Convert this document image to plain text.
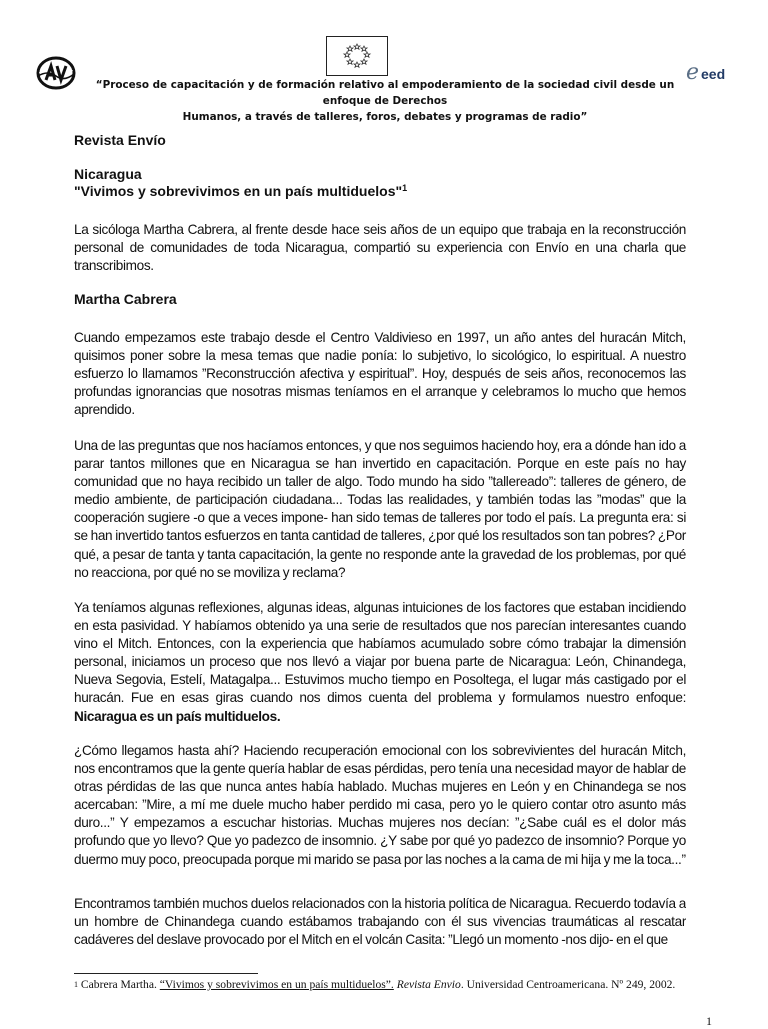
e eed
“Proceso de capacitación y de formación relativo al empoderamiento de la sociedad civil desde un enfoque de Derechos
Humanos, a través de talleres, foros, debates y programas de radio”
Revista Envío
Nicaragua
"Vivimos y sobrevivimos en un país multiduelos"$^1$
La sicóloga Martha Cabrera, al frente desde hace seis años de un equipo que trabaja en la reconstrucción personal de comunidades de toda Nicaragua, compartió su experiencia con Envío en una charla que transcribimos.
Martha Cabrera
Cuando empezamos este trabajo desde el Centro Valdivieso en 1997, un año antes del huracán Mitch, quisimos poner sobre la mesa temas que nadie ponía: lo subjetivo, lo sicológico, lo espiritual. A nuestro esfuerzo lo llamamos ”Reconstrucción afectiva y espiritual”. Hoy, después de seis años, reconocemos las profundas ignorancias que nosotras mismas teníamos en el arranque y celebramos lo mucho que hemos aprendido.
Una de las preguntas que nos hacíamos entonces, y que nos seguimos haciendo hoy, era a dónde han ido a parar tantos millones que en Nicaragua se han invertido en capacitación. Porque en este país no hay comunidad que no haya recibido un taller de algo. Todo mundo ha sido ”tallereado”: talleres de género, de medio ambiente, de participación ciudadana... Todas las realidades, y también todas las ”modas” que la cooperación sugiere -o que a veces impone- han sido temas de talleres por todo el país. La pregunta era: si se han invertido tantos esfuerzos en tanta cantidad de talleres, ¿por qué los resultados son tan pobres? ¿Por qué, a pesar de tanta y tanta capacitación, la gente no responde ante la gravedad de los problemas, por qué no reacciona, por qué no se moviliza y reclama?
Ya teníamos algunas reflexiones, algunas ideas, algunas intuiciones de los factores que estaban incidiendo en esta pasividad. Y habíamos obtenido ya una serie de resultados que nos parecían interesantes cuando vino el Mitch. Entonces, con la experiencia que habíamos acumulado sobre cómo trabajar la dimensión personal, iniciamos un proceso que nos llevó a viajar por buena parte de Nicaragua: León, Chinandega, Nueva Segovia, Estelí, Matagalpa... Estuvimos mucho tiempo en Posoltega, el lugar más castigado por el huracán. Fue en esas giras cuando nos dimos cuenta del problema y formulamos nuestro enfoque: Nicaragua es un país multiduelos.
¿Cómo llegamos hasta ahí? Haciendo recuperación emocional con los sobrevivientes del huracán Mitch, nos encontramos que la gente quería hablar de esas pérdidas, pero tenía una necesidad mayor de hablar de otras pérdidas de las que nunca antes había hablado. Muchas mujeres en León y en Chinandega se nos acercaban: ”Mire, a mí me duele mucho haber perdido mi casa, pero yo le quiero contar otro asunto más duro...” Y empezamos a escuchar historias. Muchas mujeres nos decían: ”¿Sabe cuál es el dolor más profundo que yo llevo? Que yo padezco de insomnio. ¿Y sabe por qué yo padezco de insomnio? Porque yo duermo muy poco, preocupada porque mi marido se pasa por las noches a la cama de mi hija y me la toca...”
Encontramos también muchos duelos relacionados con la historia política de Nicaragua. Recuerdo todavía a un hombre de Chinandega cuando estábamos trabajando con él sus vivencias traumáticas al rescatar cadáveres del deslave provocado por el Mitch en el volcán Casita: ”Llegó un momento -nos dijo- en el que
$^1$ Cabrera Martha. “Vivimos y sobrevivimos en un país multiduelos”. Revista Envio. Universidad Centroamericana. Nº 249, 2002.
1
